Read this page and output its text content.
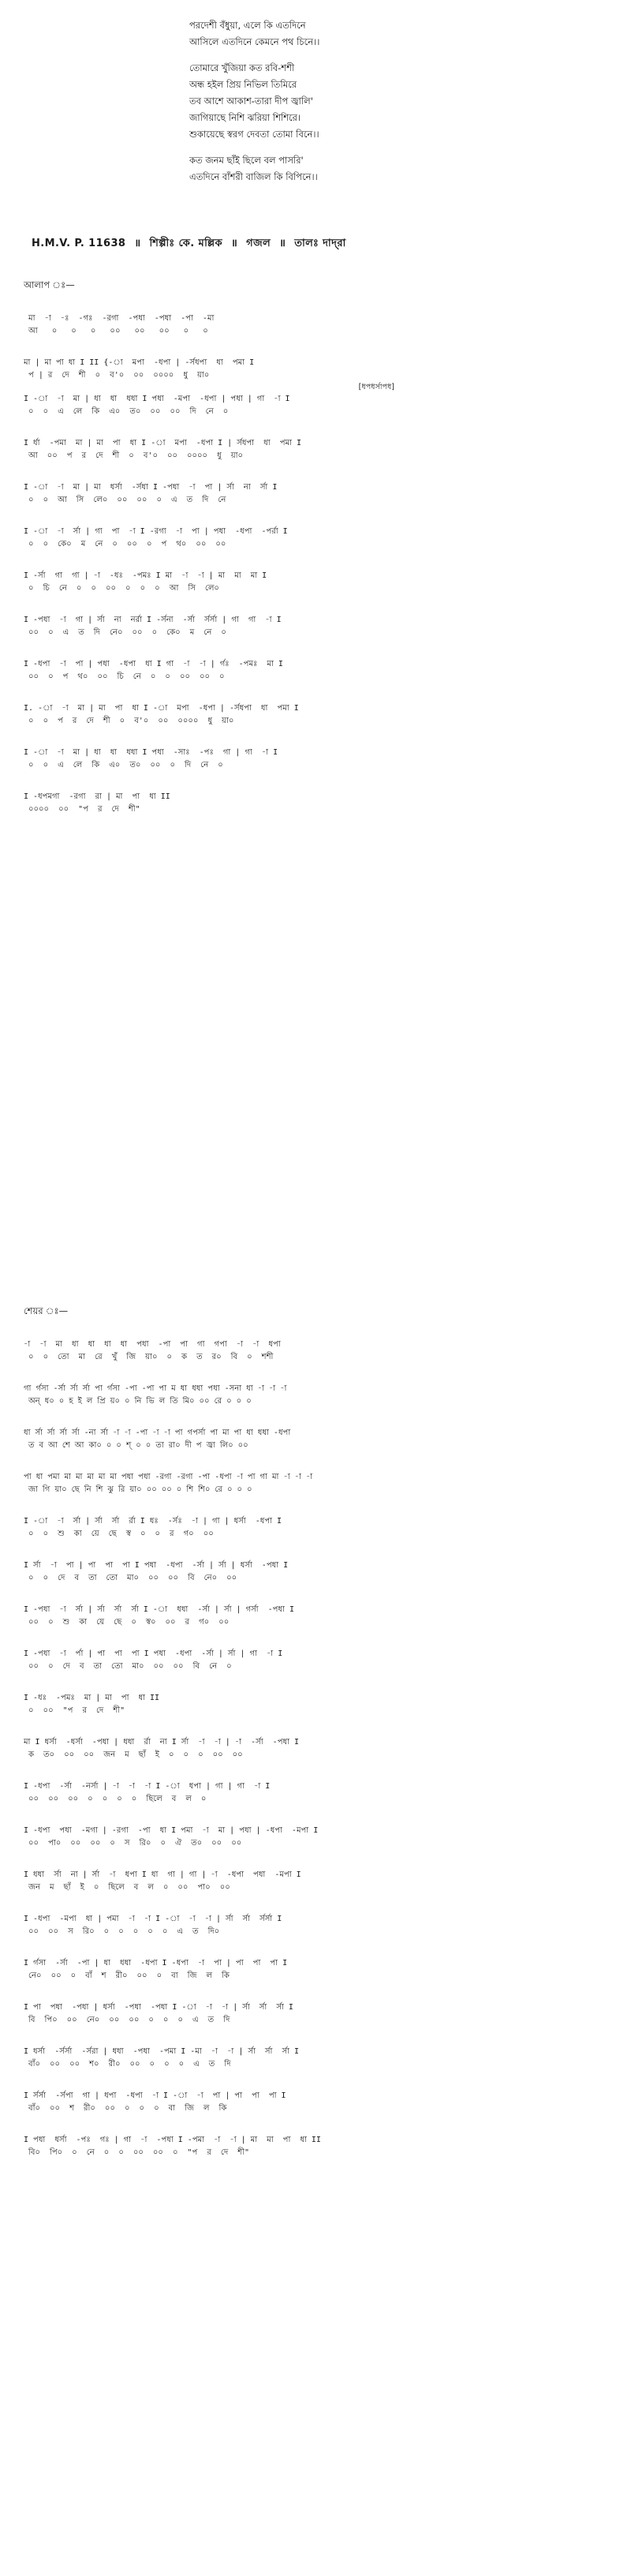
পরদেশী বঁধুয়া, এলে কি এতদিনে
আসিলে এতদিনে কেমনে পথ চিনে।।
তোমারে খুঁজিয়া কত রবি-শশী
অন্ধ হইল প্রিয় নিভিল তিমিরে
তব আশে আকাশ-তারা দীপ জ্বালি'
জাগিয়াছে নিশি ঝরিয়া শিশিরে।
শুকায়েছে স্বরগ দেবতা তোমা বিনে।।
কত জনম ছাঁই ছিলে বল পাসরি'
এতদিনে বাঁশরী বাজিল কি বিপিনে।।
H.M.V. P. 11638 ॥ শিল্পীঃ কে. মল্লিক ॥ গজল ॥ তালঃ দাদ্‌রা
আলাপ ঃ—
মা  -া  -ঃ  -গঃ  -রগা  -পধা  -পধা  -পা  -মা
আ   ০   ০   ০   ০০   ০০   ০০   ০   ০
মা | মা পা ধা I II {-া  মপা  -ধপা | -র্সধপা  ধা  পমা I
প | র  দে  শী  ০  ব'০  ০০  ০০০০  ধু  য়া০
[ধপধর্সাপধ]
I -া  -া  মা | ধা  ধা  ধধা I পধা  -মপা  -ধপা | পধা | গা  -া I
০  ০  এ  লে  কি  এ০  ত০  ০০  ০০  দি  নে  ০
I র্ধা  -পমা  মা | মা  পা  ধা I -া  মপা  -ধপা I | র্সধপা  ধা  পমা I
আ  ০০  প  র  দে  শী  ০  ব'০  ০০  ০০০০  ধু  য়া০
I -া  -া  মা | মা  ধর্সা  -র্সধা I -পধা  -া  পা | র্সা  না  র্সা I
০  ০  আ  সি  লে০  ০০  ০০  ০  এ  ত  দি  নে
I -া  -া  র্সা | গা  পা  -া I -রগা  -া  পা | পধা  -ধপা  -পর্রা I
০  ০  কে০  ম  নে  ০  ০০  ০  প  থ০  ০০  ০০
I -র্সা  গা  গা | -া  -ধঃ  -পমঃ I মা  -া  -া | মা  মা  মা I
০  চি  নে  ০  ০  ০০  ০  ০  ০  আ  সি  লে০
I -পধা  -া  গা | র্সা  না  নর্রা I -র্সনা  -র্সা  র্সর্সা | গা  গা  -া I
০০  ০  এ  ত  দি  নে০  ০০  ০  কে০  ম  নে  ০
I -ধপা  -া  পা | পধা  -ধপা  ধা I গা  -া  -া | র্গঃ  -পমঃ  মা I
০০  ০  প  থ০  ০০  চি  নে  ০  ০  ০০  ০০  ০
I. -া  -া  মা | মা  পা  ধা I -া  মপা  -ধপা | -র্সধপা  ধা  পমা I
০  ০  প  র  দে  শী  ০  ব'০  ০০  ০০০০  ধু  য়া০
I -া  -া  মা | ধা  ধা  ধধা I পধা  -সাঃ  -পঃ  গা | গা  -া I
০  ০  এ  লে  কি  এ০  ত০  ০০  ০  দি  নে  ০
I -ধপমগা  -রগা  রা | মা  পা  ধা II
০০০০  ০০  "প  র  দে  শী"
শেয়র ঃ—
-া  -া  মা  ধা  ধা  ধা  ধা  পধা  -পা  পা  গা  গপা  -া  -া  ধপা
০  ০  তো  মা  রে  খুঁ  জি  য়া০  ০  ক  ত  র০  বি  ০  শশী
গা র্গসা -র্সা র্সা র্সা পা র্গসা -পা -পা পা ম ধা ধধা পধা -সনা ধা -া -া -া
অন্‌ ধ০ ০ হ ই ল প্রি য়০ ০ নি ভি ল তি মি০ ০০ রে ০ ০ ০
ধা র্সা র্সা র্সা র্সা -না র্সা -া -া -পা -া -া পা গপর্সা পা মা পা ধা ধধা -ধপা
ত ব আ শে আ কা০ ০ ০ শ্‌ ০ ০ তা রা০ দী প জ্বা লি০ ০০
পা ধা পমা মা মা মা মা মা পধা পধা -রগা -রগা -পা -ধপা -া পা গা মা -া -া -া
জা গি য়া০ ছে নি শি ঝু রি য়া০ ০০ ০০ ০ শি শি০ রে ০ ০ ০
I -া  -া  র্সা | র্সা  র্সা  র্রা I ধঃ  -র্সঃ  -া | গা | ধর্সা  -ধপা I
০  ০  শু  কা  য়ে  ছে  স্ব  ০  ০  র  গ০  ০০
I র্সা  -া  পা | পা  পা  পা I পধা  -ধপা  -র্সা | র্সা | ধর্সা  -পধা I
০  ০  দে  ব  তা  তো  মা০  ০০  ০০  বি  নে০  ০০
I -পধা  -া  র্সা | র্সা  র্সা  র্সা I -া  ধধা  -র্সা | র্সা | গর্সা  -পধা I
০০  ০  শু  কা  য়ে  ছে  ০  স্ব০  ০০  র  গ০  ০০
I -পধা  -া  র্পা | পা  পা  পা I পধা  -ধপা  -র্সা | র্সা | গা  -া I
০০  ০  দে  ব  তা  তো  মা০  ০০  ০০  বি  নে  ০
I -ধঃ  -পমঃ  মা | মা  পা  ধা II
০  ০০  "প  র  দে  শী"
মা I ধর্সা  -ধর্সা  -পধা | ধধা  র্রা  না I র্সা  -া  -া | -া  -র্সা  -পধা I
ক  ত০  ০০  ০০  জন  ম  ছাঁ  ই  ০  ০  ০  ০০  ০০
I -ধপা  -র্সা  -নর্সা | -া  -া  -া I -া  ধপা | গা | গা  -া I
০০  ০০  ০০  ০  ০  ০  ০  ছিলে  ব  ল  ০
I -ধপা  পধা  -মগা | -রগা  -পা  ধা I পমা  -া  মা | পধা | -ধপা  -মপা I
০০  পা০  ০০  ০০  ০  স  রি০  ০  ঐ  ত০  ০০  ০০
I ধধা  র্সা  না | র্সা  -া  ধপা I ধা  গা | গা | -া  -ধপা  পধা  -মপা I
জন  ম  ছাঁ  ই  ০  ছিলে  ব  ল  ০  ০০  পা০  ০০
I -ধপা  -মপা  ধা | পমা  -া  -া I -া  -া  -া | র্সা  র্সা  র্সর্সা I
০০  ০০  স  রি০  ০  ০  ০  ০  ০  এ  ত  দি০
I র্গসা  -র্সা  -পা | ধা  ধধা  -ধপা I -ধপা  -া  পা | পা  পা  পা I
নে০  ০০  ০  বাঁ  শ  রী০  ০০  ০  বা  জি  ল  কি
I পা  পধা  -পধা | ধর্সা  -পধা  -পধা I -া  -া  -া | র্সা  র্সা  র্সা I
বি  পি০  ০০  নে০  ০০  ০০  ০  ০  ০  এ  ত  দি
I ধর্সা  -র্সর্সা  -র্সরা | ধধা  -পধা  -পমা I -মা  -া  -া | র্সা  র্সা  র্সা I
বাঁ০  ০০  ০০  শ০  রী০  ০০  ০  ০  ০  এ  ত  দি
I র্সর্সা  -র্সপা  গা | ধপা  -ধপা  -া I -া  -া  পা | পা  পা  পা I
বাঁ০  ০০  শ  রী০  ০০  ০  ০  ০  বা  জি  ল  কি
I পধা  ধর্সা  -পঃ  গঃ | গা  -া  -পধা I -পমা  -া  -া | মা  মা  পা  ধা II
বি০  পি০  ০  নে  ০  ০  ০০  ০০  ০  "প  র  দে  শী"
